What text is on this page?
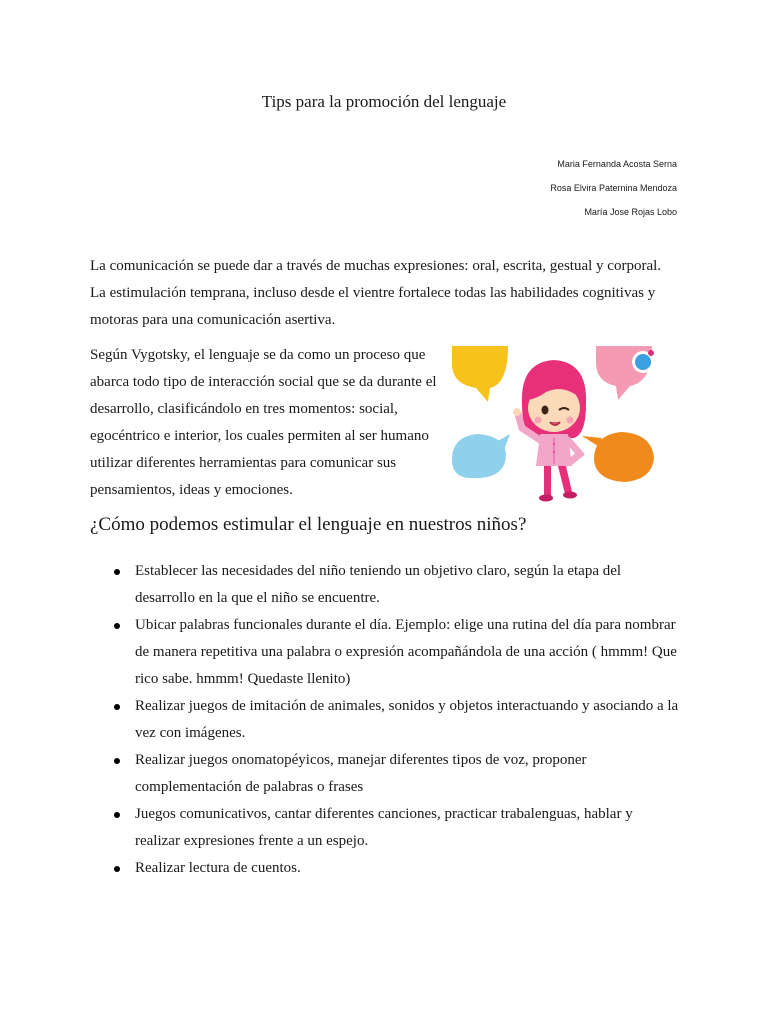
Tips para la promoción del lenguaje
Maria Fernanda Acosta Serna
Rosa Elvira Paternina Mendoza
María Jose Rojas Lobo
La comunicación se puede dar a través de muchas expresiones: oral, escrita, gestual y corporal. La estimulación temprana, incluso desde el vientre fortalece todas las habilidades cognitivas y motoras para una comunicación asertiva.
Según Vygotsky, el lenguaje se da como un proceso que abarca todo tipo de interacción social que se da durante el desarrollo, clasificándolo en tres momentos: social, egocéntrico e interior, los cuales permiten al ser humano utilizar diferentes herramientas para comunicar sus pensamientos, ideas y emociones.
¿Cómo podemos estimular el lenguaje en nuestros niños?
Establecer las necesidades del niño teniendo un objetivo claro, según la etapa del desarrollo en la que el niño se encuentre.
Ubicar palabras funcionales durante el día. Ejemplo: elige una rutina del día para nombrar de manera repetitiva una palabra o expresión acompañándola de una acción ( hmmm! Que rico sabe. hmmm! Quedaste llenito)
Realizar juegos de imitación de animales, sonidos y objetos interactuando y asociando a la vez con imágenes.
Realizar juegos onomatopéyicos, manejar diferentes tipos de voz, proponer complementación de palabras o frases
Juegos comunicativos, cantar diferentes canciones, practicar trabalenguas, hablar y realizar expresiones frente a un espejo.
Realizar lectura de cuentos.
